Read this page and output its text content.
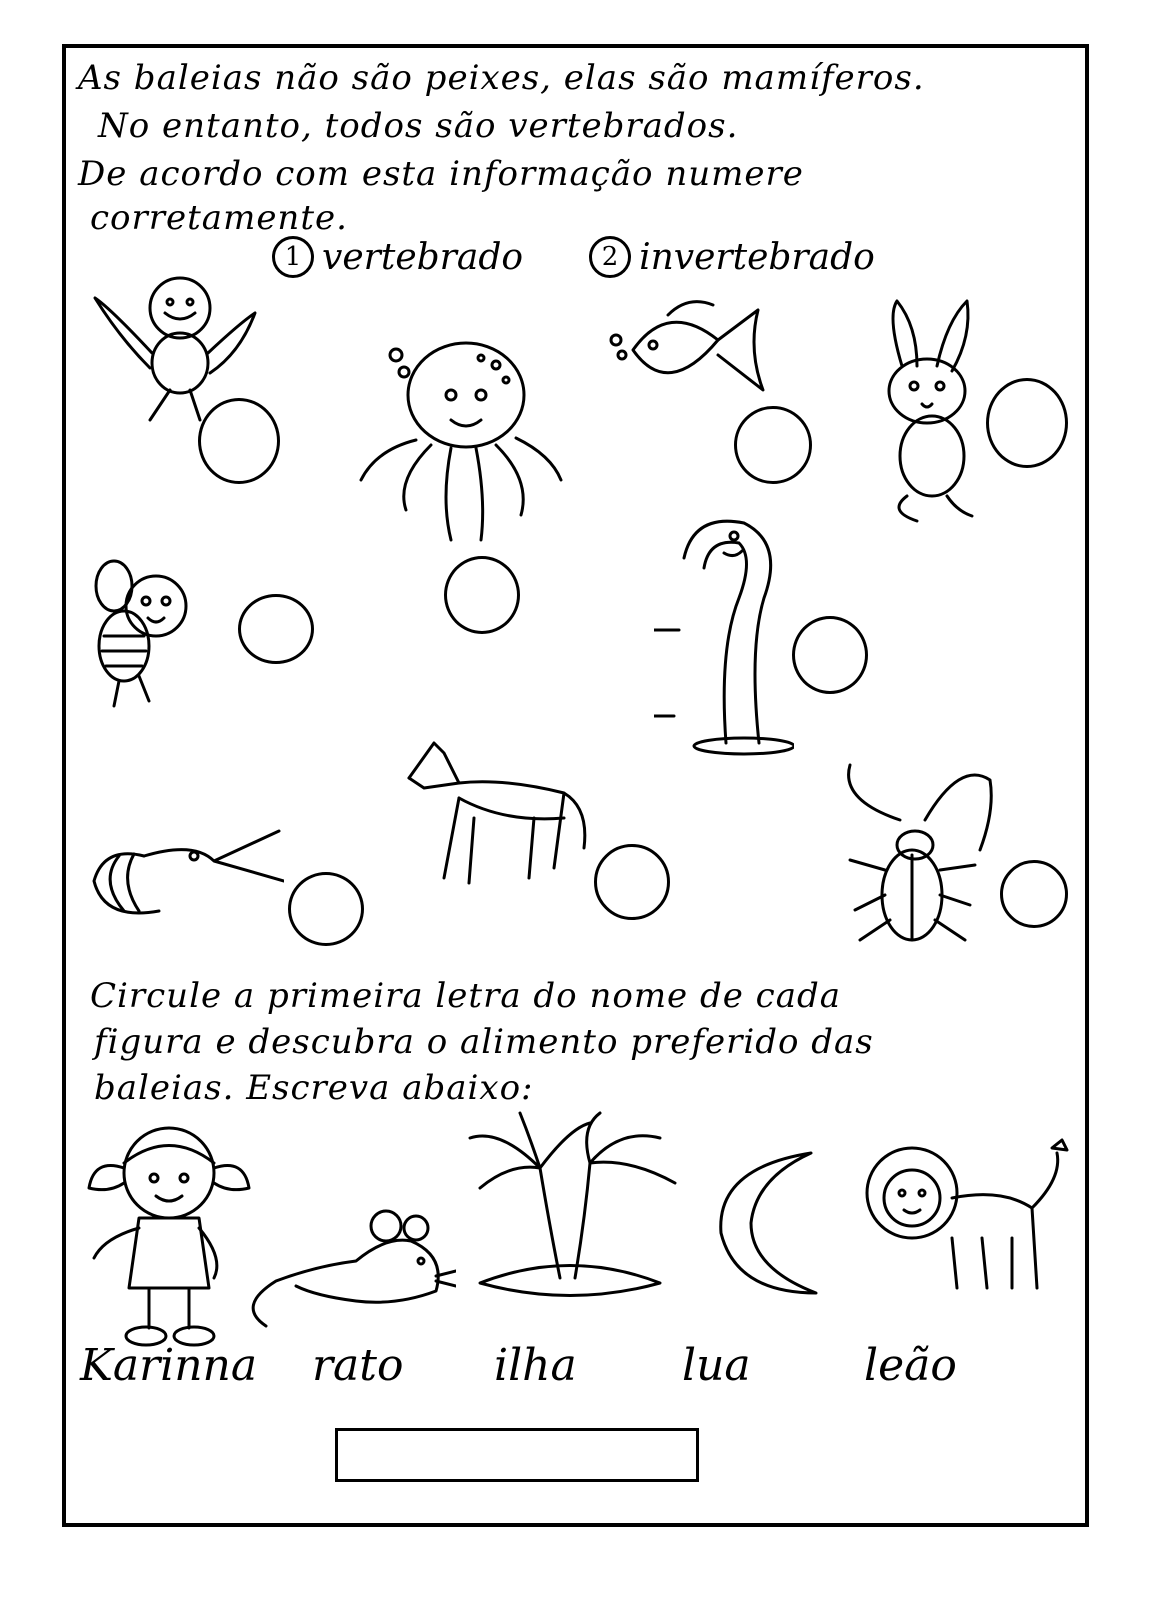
As baleias não são peixes, elas são mamíferos.
No entanto, todos são vertebrados.
De acordo com esta informação numere
corretamente.
1 vertebrado	2 invertebrado
Circule a primeira letra do nome de cada
figura e descubra o alimento preferido das
baleias. Escreva abaixo:
Karinna rato ilha lua	leão
